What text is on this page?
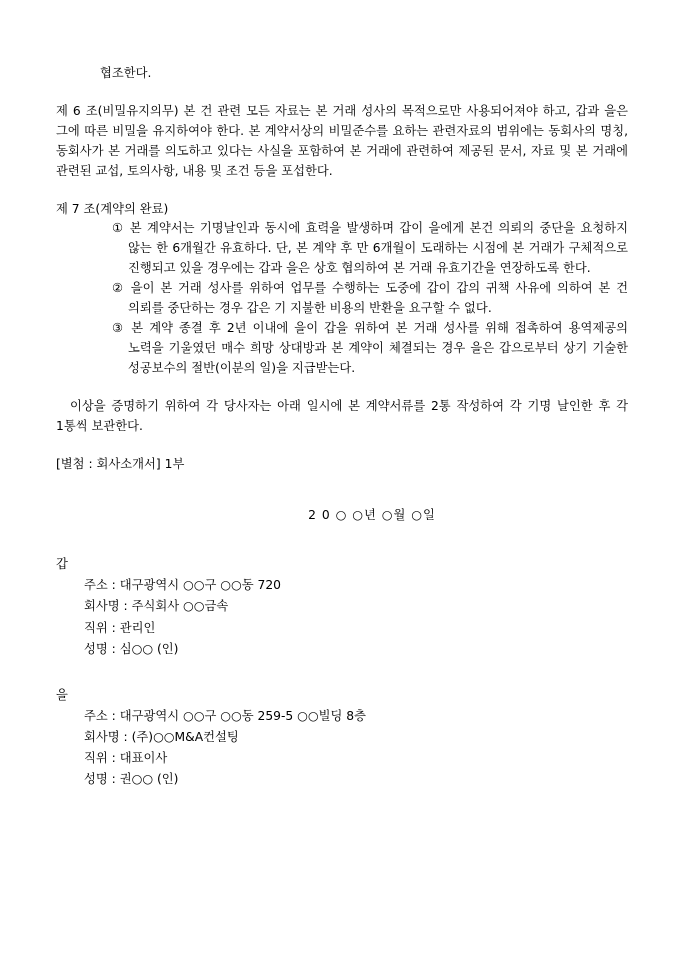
협조한다.
제 6 조(비밀유지의무) 본 건 관련 모든 자료는 본 거래 성사의 목적으로만 사용되어져야 하고, 갑과 을은 그에 따른 비밀을 유지하여야 한다. 본 계약서상의 비밀준수를 요하는 관련자료의 범위에는 동회사의 명칭, 동회사가 본 거래를 의도하고 있다는 사실을 포함하여 본 거래에 관련하여 제공된 문서, 자료 및 본 거래에 관련된 교섭, 토의사항, 내용 및 조건 등을 포섭한다.
제 7 조(계약의 완료)
① 본 계약서는 기명날인과 동시에 효력을 발생하며 갑이 을에게 본건 의뢰의 중단을 요청하지 않는 한 6개월간 유효하다. 단, 본 계약 후 만 6개월이 도래하는 시점에 본 거래가 구체적으로 진행되고 있을 경우에는 갑과 을은 상호 협의하여 본 거래 유효기간을 연장하도록 한다.
② 을이 본 거래 성사를 위하여 업무를 수행하는 도중에 갑이 갑의 귀책 사유에 의하여 본 건 의뢰를 중단하는 경우 갑은 기 지불한 비용의 반환을 요구할 수 없다.
③ 본 계약 종결 후 2년 이내에 을이 갑을 위하여 본 거래 성사를 위해 접촉하여 용역제공의 노력을 기울였던 매수 희망 상대방과 본 계약이 체결되는 경우 을은 갑으로부터 상기 기술한 성공보수의 절반(이분의 일)을 지급받는다.
이상을 증명하기 위하여 각 당사자는 아래 일시에 본 계약서류를 2통 작성하여 각 기명 날인한 후 각 1통씩 보관한다.
[별첨 : 회사소개서] 1부
2 0 ○ ○년 ○월 ○일
갑
주소 : 대구광역시 ○○구 ○○동 720
회사명 : 주식회사 ○○금속
직위 : 관리인
성명 : 심○○ (인)
을
주소 : 대구광역시 ○○구 ○○동 259-5 ○○빌딩 8층
회사명 : (주)○○M&A컨설팅
직위 : 대표이사
성명 : 권○○ (인)
